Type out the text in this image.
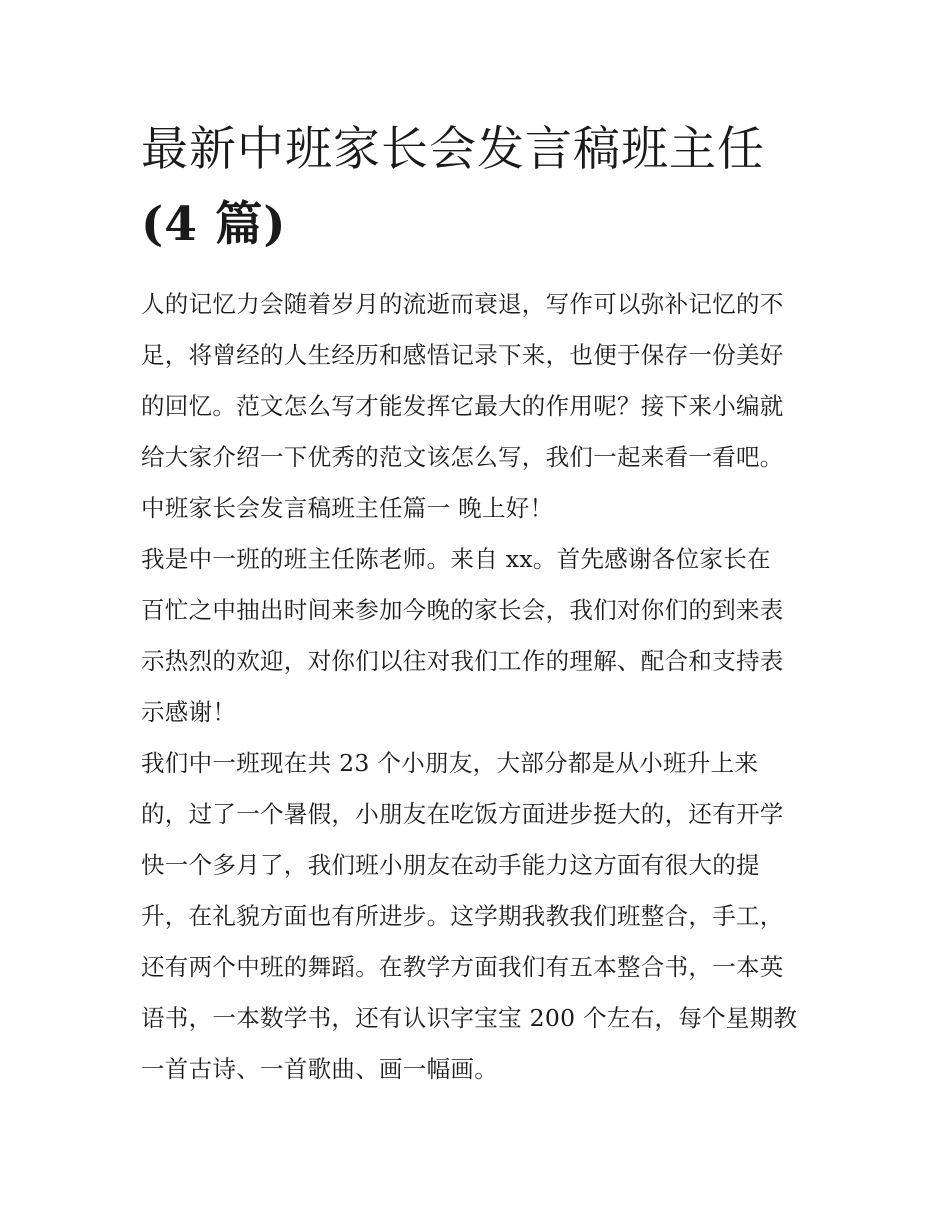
最新中班家长会发言稿班主任
(4 篇)
人的记忆力会随着岁月的流逝而衰退，写作可以弥补记忆的不
足，将曾经的人生经历和感悟记录下来，也便于保存一份美好
的回忆。范文怎么写才能发挥它最大的作用呢？接下来小编就
给大家介绍一下优秀的范文该怎么写，我们一起来看一看吧。
中班家长会发言稿班主任篇一 晚上好！
我是中一班的班主任陈老师。来自 xx。首先感谢各位家长在
百忙之中抽出时间来参加今晚的家长会，我们对你们的到来表
示热烈的欢迎，对你们以往对我们工作的理解、配合和支持表
示感谢！
我们中一班现在共 23 个小朋友，大部分都是从小班升上来
的，过了一个暑假，小朋友在吃饭方面进步挺大的，还有开学
快一个多月了，我们班小朋友在动手能力这方面有很大的提
升，在礼貌方面也有所进步。这学期我教我们班整合，手工，
还有两个中班的舞蹈。在教学方面我们有五本整合书，一本英
语书，一本数学书，还有认识字宝宝 200 个左右，每个星期教
一首古诗、一首歌曲、画一幅画。
